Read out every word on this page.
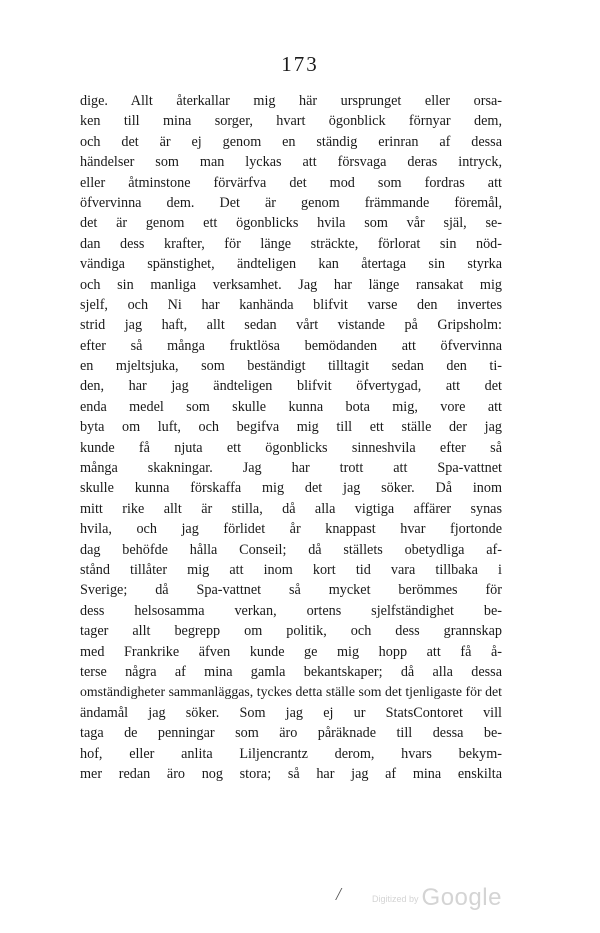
173
dige. Allt återkallar mig här ursprunget eller orsa-
ken till mina sorger, hvart ögonblick förnyar dem,
och det är ej genom en ständig erinran af dessa
händelser som man lyckas att försvaga deras intryck,
eller åtminstone förvärfva det mod som fordras att
öfvervinna dem. Det är genom främmande föremål,
det är genom ett ögonblicks hvila som vår själ, se-
dan dess krafter, för länge sträckte, förlorat sin nöd-
vändiga spänstighet, ändteligen kan återtaga sin styrka
och sin manliga verksamhet. Jag har länge ransakat mig
sjelf, och Ni har kanhända blifvit varse den invertes
strid jag haft, allt sedan vårt vistande på Gripsholm:
efter så många fruktlösa bemödanden att öfvervinna
en mjeltsjuka, som beständigt tilltagit sedan den ti-
den, har jag ändteligen blifvit öfvertygad, att det
enda medel som skulle kunna bota mig, vore att
byta om luft, och begifva mig till ett ställe der jag
kunde få njuta ett ögonblicks sinneshvila efter så
många skakningar. Jag har trott att Spa-vattnet
skulle kunna förskaffa mig det jag söker. Då inom
mitt rike allt är stilla, då alla vigtiga affärer synas
hvila, och jag förlidet år knappast hvar fjortonde
dag behöfde hålla Conseil; då ställets obetydliga af-
stånd tillåter mig att inom kort tid vara tillbaka i
Sverige; då Spa-vattnet så mycket berömmes för
dess helsosamma verkan, ortens sjelfständighet be-
tager allt begrepp om politik, och dess grannskap
med Frankrike äfven kunde ge mig hopp att få å-
terse några af mina gamla bekantskaper; då alla dessa
omständigheter sammanläggas, tyckes detta ställe som det tjenligaste för det
ändamål jag söker. Som jag ej ur StatsContoret vill
taga de penningar som äro påräknade till dessa be-
hof, eller anlita Liljencrantz derom, hvars bekym-
mer redan äro nog stora; så har jag af mina enskilta
/	Digitized by Google
